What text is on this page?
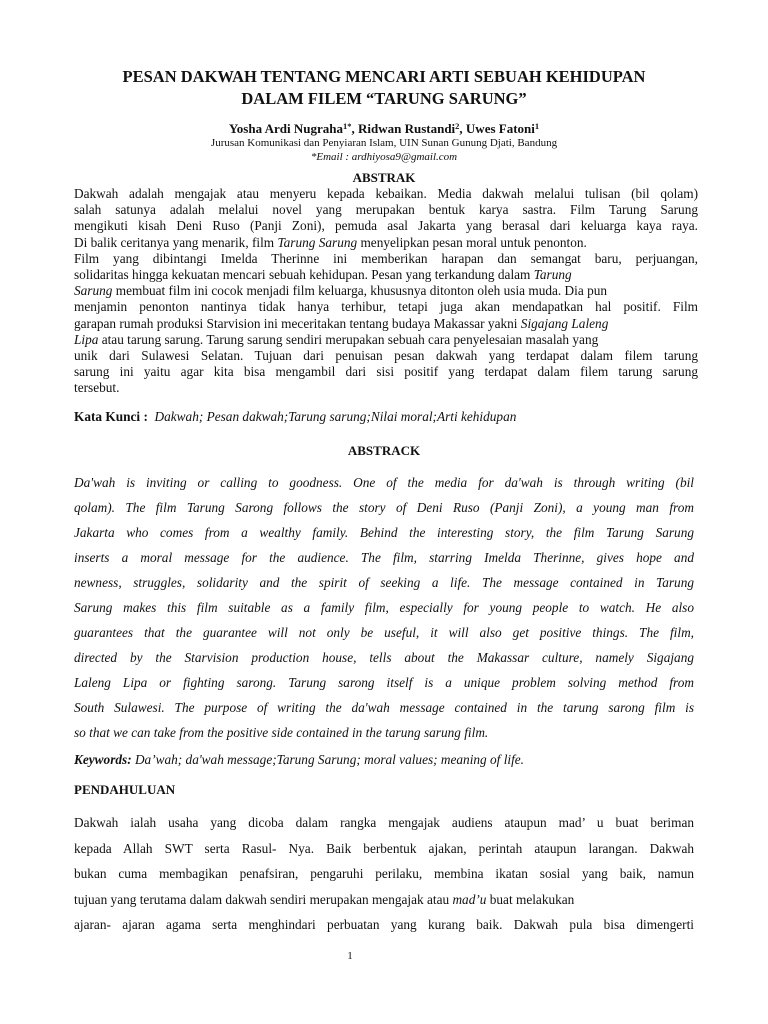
PESAN DAKWAH TENTANG MENCARI ARTI SEBUAH KEHIDUPAN
DALAM FILEM “TARUNG SARUNG”
Yosha Ardi Nugraha$^{1*}$, Ridwan Rustandi$^2$, Uwes Fatoni$^1$
Jurusan Komunikasi dan Penyiaran Islam, UIN Sunan Gunung Djati, Bandung
*Email : ardhiyosa9@gmail.com
ABSTRAK
Dakwah adalah mengajak atau menyeru kepada kebaikan. Media dakwah melalui tulisan (bil qolam)
salah satunya adalah melalui novel yang merupakan bentuk karya sastra. Film Tarung Sarung
mengikuti kisah Deni Ruso (Panji Zoni), pemuda asal Jakarta yang berasal dari keluarga kaya raya.
Di balik ceritanya yang menarik, film Tarung Sarung menyelipkan pesan moral untuk penonton.
Film yang dibintangi Imelda Therinne ini memberikan harapan dan semangat baru, perjuangan,
solidaritas hingga kekuatan mencari sebuah kehidupan. Pesan yang terkandung dalam Tarung
Sarung membuat film ini cocok menjadi film keluarga, khususnya ditonton oleh usia muda. Dia pun
menjamin penonton nantinya tidak hanya terhibur, tetapi juga akan mendapatkan hal positif. Film
garapan rumah produksi Starvision ini meceritakan tentang budaya Makassar yakni Sigajang Laleng
Lipa atau tarung sarung. Tarung sarung sendiri merupakan sebuah cara penyelesaian masalah yang
unik dari Sulawesi Selatan. Tujuan dari penuisan pesan dakwah yang terdapat dalam filem tarung
sarung ini yaitu agar kita bisa mengambil dari sisi positif yang terdapat dalam filem tarung sarung
tersebut.
Kata Kunci : Dakwah; Pesan dakwah;Tarung sarung;Nilai moral;Arti kehidupan
ABSTRACK
Da'wah is inviting or calling to goodness. One of the media for da'wah is through writing (bil
qolam). The film Tarung Sarong follows the story of Deni Ruso (Panji Zoni), a young man from
Jakarta who comes from a wealthy family. Behind the interesting story, the film Tarung Sarung
inserts a moral message for the audience. The film, starring Imelda Therinne, gives hope and
newness, struggles, solidarity and the spirit of seeking a life. The message contained in Tarung
Sarung makes this film suitable as a family film, especially for young people to watch. He also
guarantees that the guarantee will not only be useful, it will also get positive things. The film,
directed by the Starvision production house, tells about the Makassar culture, namely Sigajang
Laleng Lipa or fighting sarong. Tarung sarong itself is a unique problem solving method from
South Sulawesi. The purpose of writing the da'wah message contained in the tarung sarong film is
so that we can take from the positive side contained in the tarung sarung film.
Keywords: Da’wah; da'wah message;Tarung Sarung; moral values; meaning of life.
PENDAHULUAN
Dakwah ialah usaha yang dicoba dalam rangka mengajak audiens ataupun mad’ u buat beriman
kepada Allah SWT serta Rasul- Nya. Baik berbentuk ajakan, perintah ataupun larangan. Dakwah
bukan cuma membagikan penafsiran, pengaruhi perilaku, membina ikatan sosial yang baik, namun
tujuan yang terutama dalam dakwah sendiri merupakan mengajak atau mad’u buat melakukan
ajaran- ajaran agama serta menghindari perbuatan yang kurang baik. Dakwah pula bisa dimengerti
1
